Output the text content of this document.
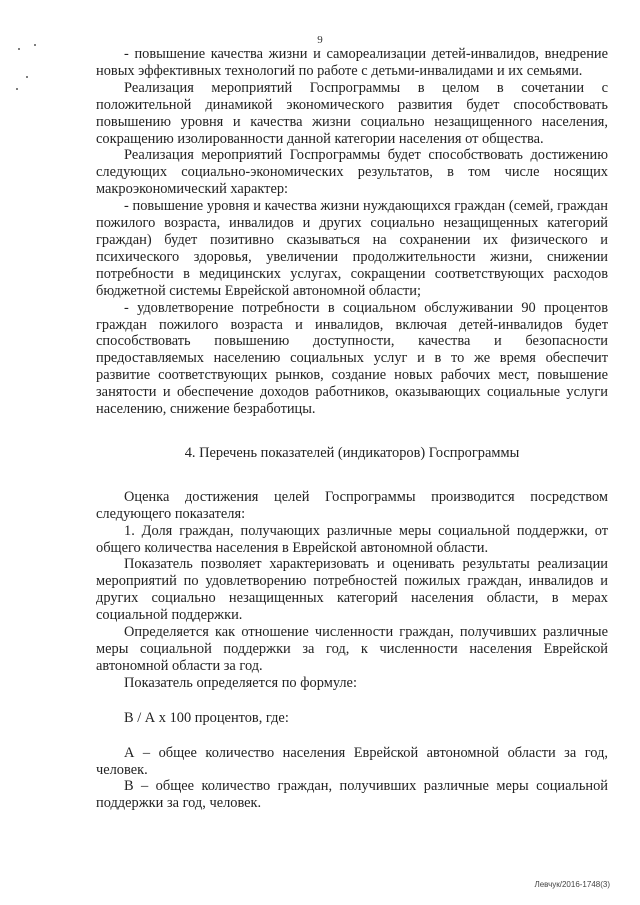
9

- повышение качества жизни и самореализации детей-инвалидов, внедрение новых эффективных технологий по работе с детьми-инвалидами и их семьями.

Реализация мероприятий Госпрограммы в целом в сочетании с положительной динамикой экономического развития будет способствовать повышению уровня и качества жизни социально незащищенного населения, сокращению изолированности данной категории населения от общества.

Реализация мероприятий Госпрограммы будет способствовать достижению следующих социально-экономических результатов, в том числе носящих макроэкономический характер:

- повышение уровня и качества жизни нуждающихся граждан (семей, граждан пожилого возраста, инвалидов и других социально незащищенных категорий граждан) будет позитивно сказываться на сохранении их физического и психического здоровья, увеличении продолжительности жизни, снижении потребности в медицинских услугах, сокращении соответствующих расходов бюджетной системы Еврейской автономной области;

- удовлетворение потребности в социальном обслуживании 90 процентов граждан пожилого возраста и инвалидов, включая детей-инвалидов будет способствовать повышению доступности, качества и безопасности предоставляемых населению социальных услуг и в то же время обеспечит развитие соответствующих рынков, создание новых рабочих мест, повышение занятости и обеспечение доходов работников, оказывающих социальные услуги населению, снижение безработицы.

4. Перечень показателей (индикаторов) Госпрограммы

Оценка достижения целей Госпрограммы производится посредством следующего показателя:

1. Доля граждан, получающих различные меры социальной поддержки, от общего количества населения в Еврейской автономной области.

Показатель позволяет характеризовать и оценивать результаты реализации мероприятий по удовлетворению потребностей пожилых граждан, инвалидов и других социально незащищенных категорий населения области, в мерах социальной поддержки.

Определяется как отношение численности граждан, получивших различные меры социальной поддержки за год, к численности населения Еврейской автономной области за год.

Показатель определяется по формуле:

В / А х 100 процентов, где:

А – общее количество населения Еврейской автономной области за год, человек.

В – общее количество граждан, получивших различные меры социальной поддержки за год, человек.

Левчук/2016-1748(3)
